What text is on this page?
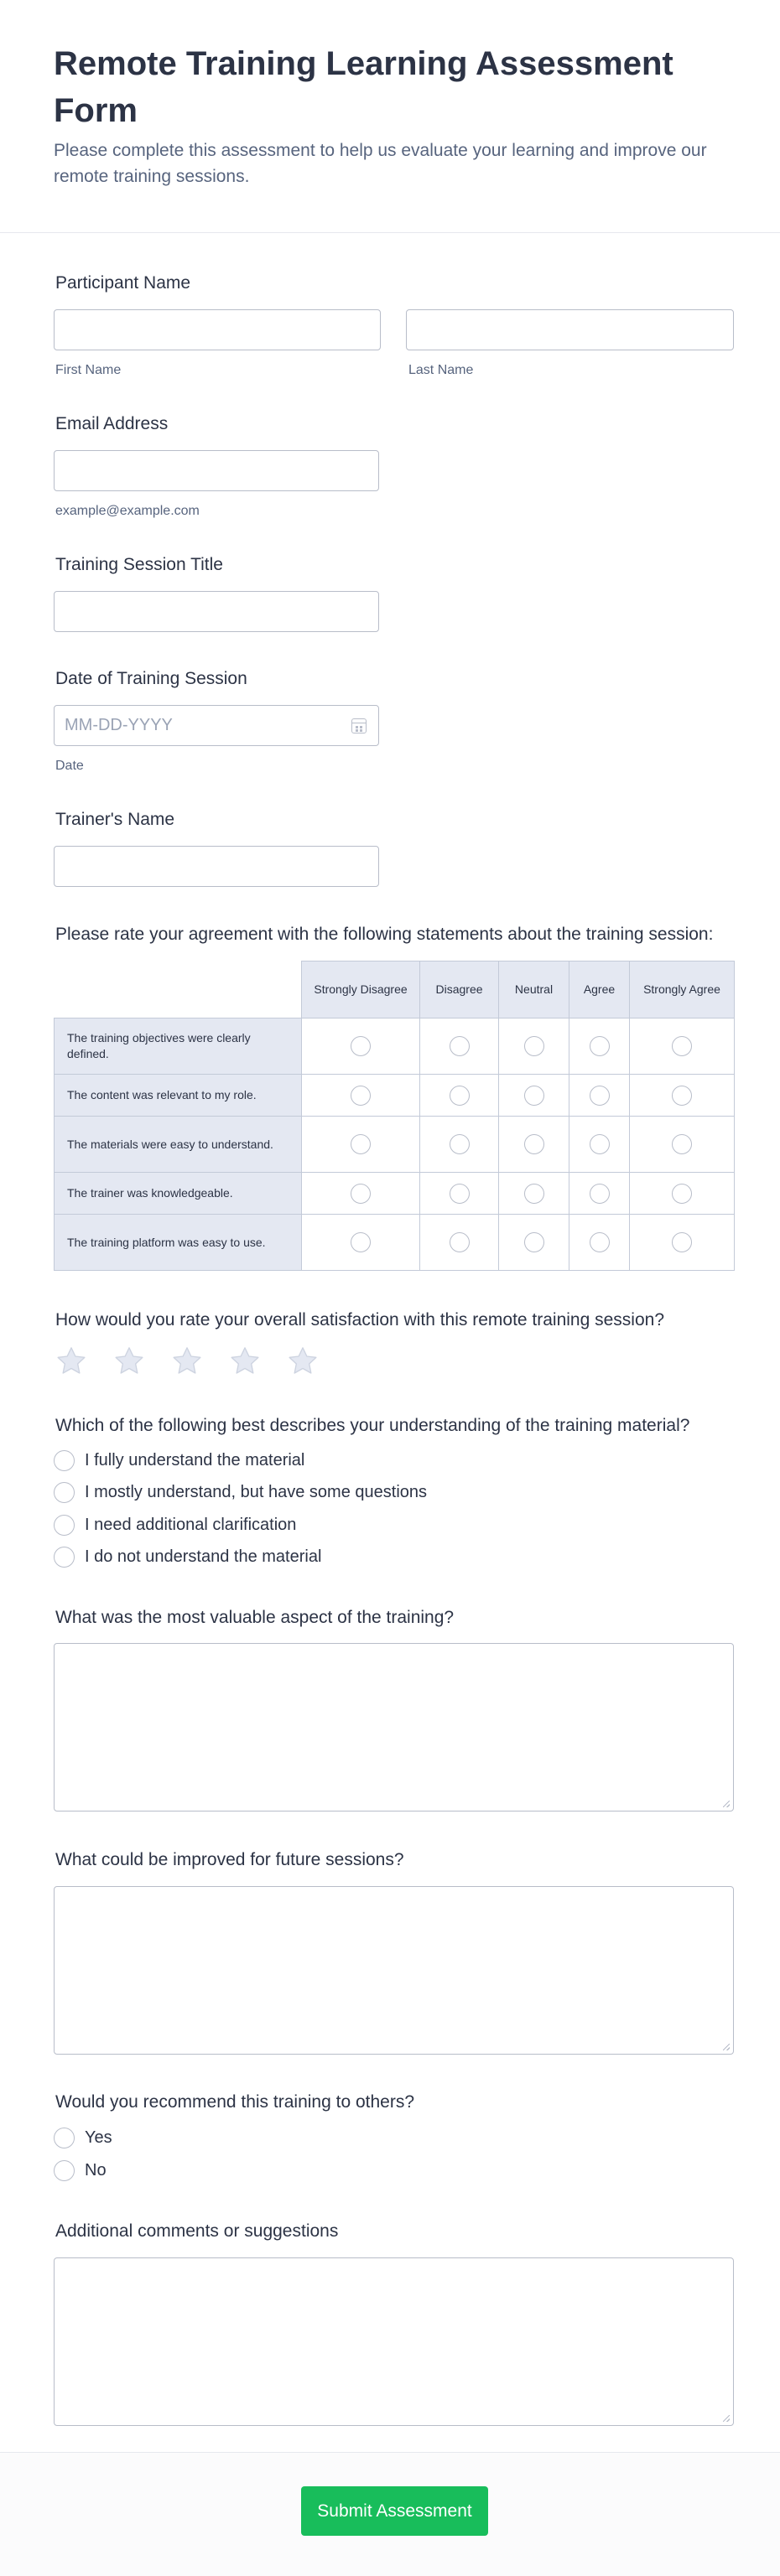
Remote Training Learning Assessment Form

Please complete this assessment to help us evaluate your learning and improve our remote training sessions.

Participant Name
First Name	Last Name
Email Address
example@example.com
Training Session Title
Date of Training Session
MM-DD-YYYY
Date
Trainer's Name
Please rate your agreement with the following statements about the training session:
	Strongly Disagree	Disagree	Neutral	Agree	Strongly Agree
The training objectives were clearly defined.					
The content was relevant to my role.					
The materials were easy to understand.					
The trainer was knowledgeable.					
The training platform was easy to use.					
How would you rate your overall satisfaction with this remote training session?
Which of the following best describes your understanding of the training material?
I fully understand the material
I mostly understand, but have some questions
I need additional clarification
I do not understand the material
What was the most valuable aspect of the training?
What could be improved for future sessions?
Would you recommend this training to others?
Yes
No
Additional comments or suggestions
Submit Assessment
